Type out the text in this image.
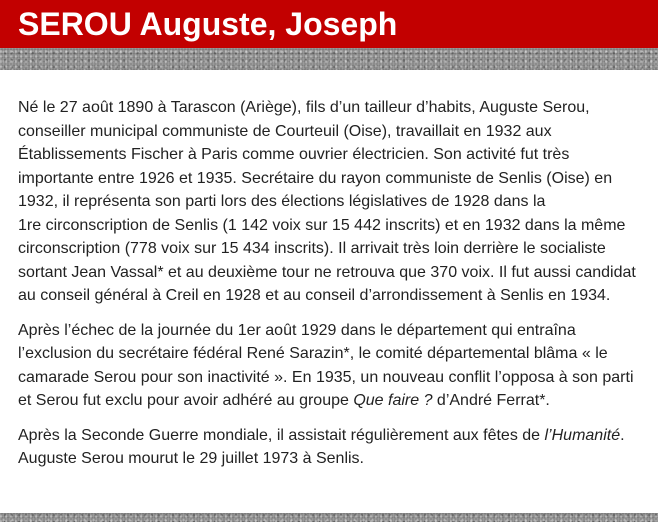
SEROU Auguste, Joseph

Né le 27 août 1890 à Tarascon (Ariège), fils d’un tailleur d’habits, Auguste Serou,
conseiller municipal communiste de Courteuil (Oise), travaillait en 1932 aux
Établissements Fischer à Paris comme ouvrier électricien. Son activité fut très
importante entre 1926 et 1935. Secrétaire du rayon communiste de Senlis (Oise) en
1932, il représenta son parti lors des élections législatives de 1928 dans la
1re circonscription de Senlis (1 142 voix sur 15 442 inscrits) et en 1932 dans la même
circonscription (778 voix sur 15 434 inscrits). Il arrivait très loin derrière le socialiste
sortant Jean Vassal* et au deuxième tour ne retrouva que 370 voix. Il fut aussi candidat
au conseil général à Creil en 1928 et au conseil d’arrondissement à Senlis en 1934.

Après l’échec de la journée du 1er août 1929 dans le département qui entraîna
l’exclusion du secrétaire fédéral René Sarazin*, le comité départemental blâma « le
camarade Serou pour son inactivité ». En 1935, un nouveau conflit l’opposa à son parti
et Serou fut exclu pour avoir adhéré au groupe Que faire ? d’André Ferrat*.

Après la Seconde Guerre mondiale, il assistait régulièrement aux fêtes de l’Humanité.
Auguste Serou mourut le 29 juillet 1973 à Senlis.
